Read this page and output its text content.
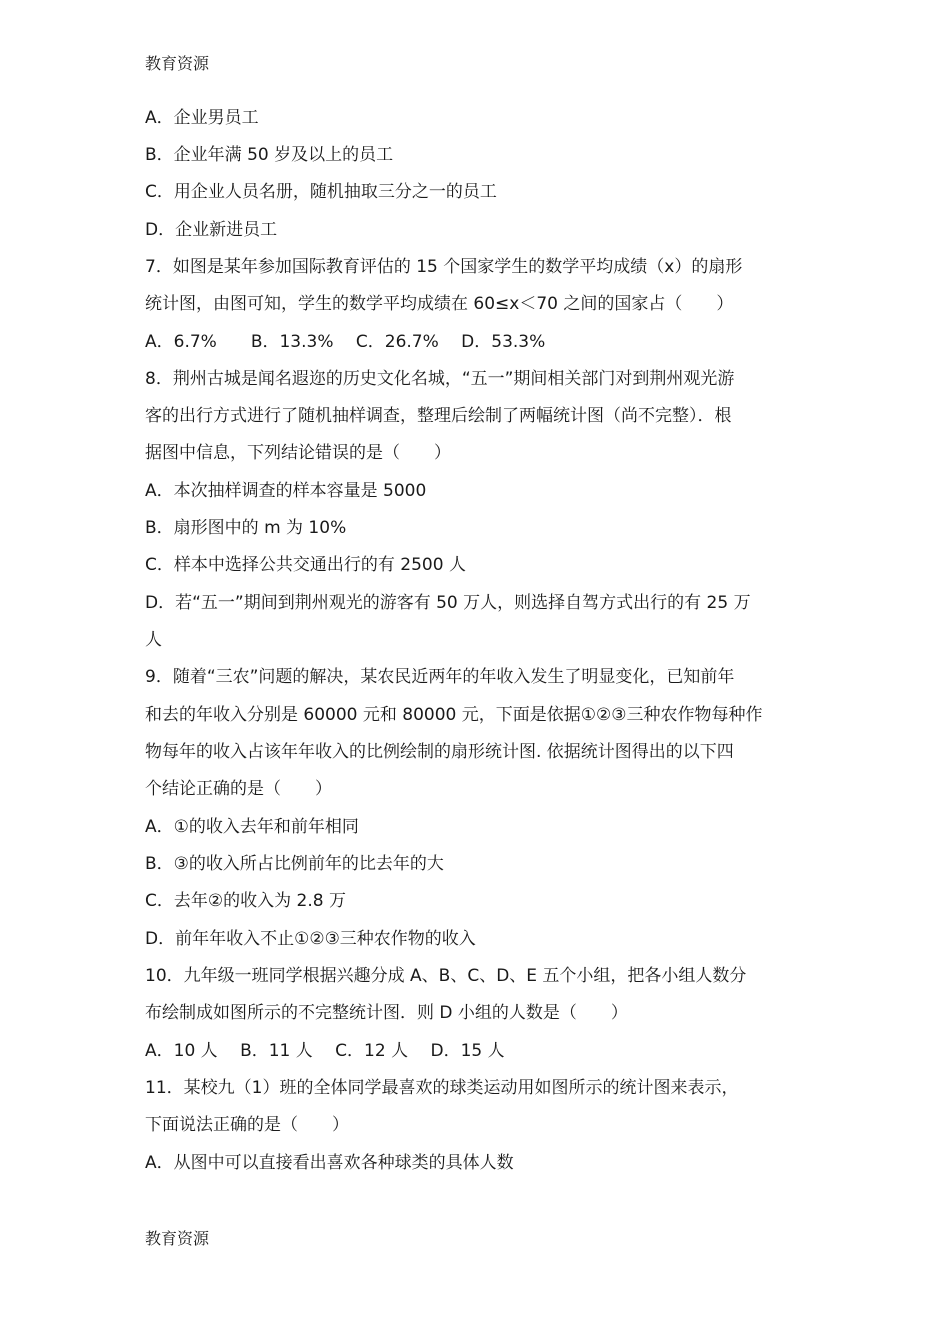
教育资源
A．企业男员工
B．企业年满 50 岁及以上的员工
C．用企业人员名册，随机抽取三分之一的员工
D．企业新进员工
7．如图是某年参加国际教育评估的 15 个国家学生的数学平均成绩（x）的扇形
统计图，由图可知，学生的数学平均成绩在 60≤x＜70 之间的国家占（　　）
A．6.7%　　B．13.3%　 C．26.7%　 D．53.3%
8．荆州古城是闻名遐迩的历史文化名城，“五一”期间相关部门对到荆州观光游
客的出行方式进行了随机抽样调查，整理后绘制了两幅统计图（尚不完整）．根
据图中信息，下列结论错误的是（　　）
A．本次抽样调查的样本容量是 5000
B．扇形图中的 m 为 10%
C．样本中选择公共交通出行的有 2500 人
D．若“五一”期间到荆州观光的游客有 50 万人，则选择自驾方式出行的有 25 万
人
9．随着“三农”问题的解决，某农民近两年的年收入发生了明显变化，已知前年
和去的年收入分别是 60000 元和 80000 元，下面是依据①②③三种农作物每种作
物每年的收入占该年年收入的比例绘制的扇形统计图. 依据统计图得出的以下四
个结论正确的是（　　）
A．①的收入去年和前年相同
B．③的收入所占比例前年的比去年的大
C．去年②的收入为 2.8 万
D．前年年收入不止①②③三种农作物的收入
10．九年级一班同学根据兴趣分成 A、B、C、D、E 五个小组，把各小组人数分
布绘制成如图所示的不完整统计图．则 D 小组的人数是（　　）
A．10 人　 B．11 人　 C．12 人　 D．15 人
11．某校九（1）班的全体同学最喜欢的球类运动用如图所示的统计图来表示，
下面说法正确的是（　　）
A．从图中可以直接看出喜欢各种球类的具体人数
教育资源
